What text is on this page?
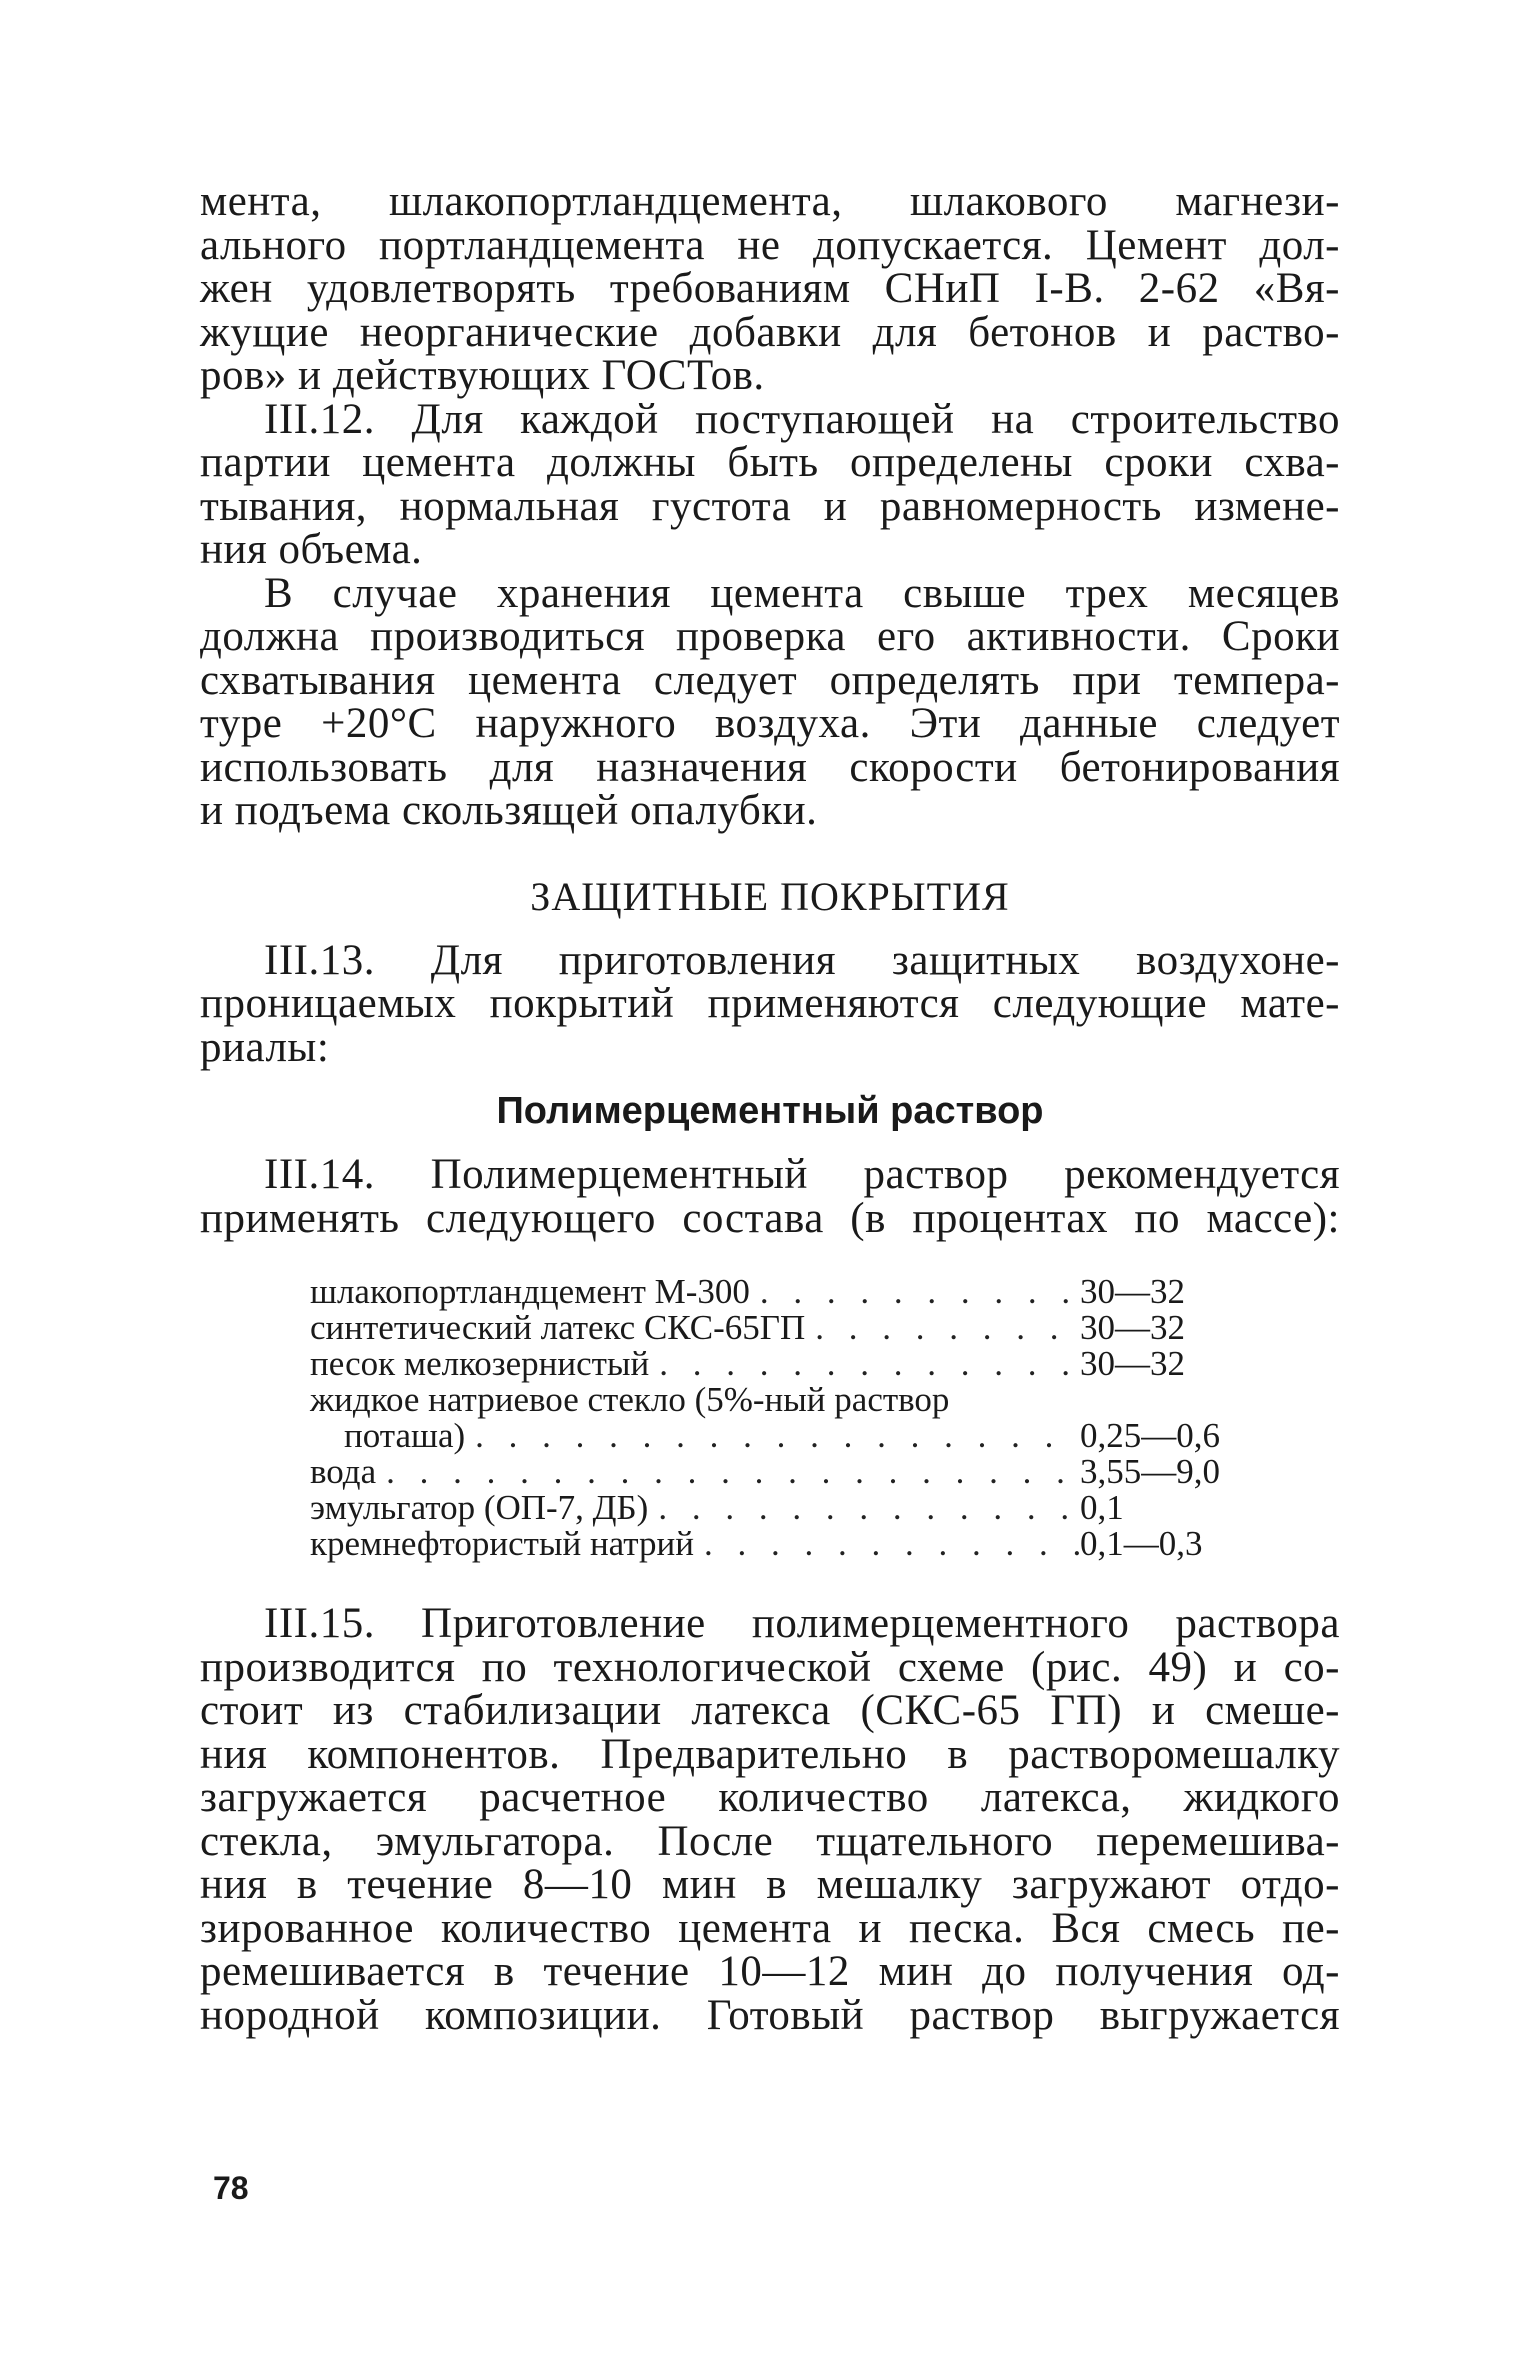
мента, шлакопортландцемента, шлакового магнези-
ального портландцемента не допускается. Цемент дол-
жен удовлетворять требованиям СНиП I-В. 2-62 «Вя-
жущие неорганические добавки для бетонов и раство-
ров» и действующих ГОСТов.
III.12. Для каждой поступающей на строительство
партии цемента должны быть определены сроки схва-
тывания, нормальная густота и равномерность измене-
ния объема.
В случае хранения цемента свыше трех месяцев
должна производиться проверка его активности. Сроки
схватывания цемента следует определять при темпера-
туре +20°С наружного воздуха. Эти данные следует
использовать для назначения скорости бетонирования
и подъема скользящей опалубки.
ЗАЩИТНЫЕ ПОКРЫТИЯ
III.13. Для приготовления защитных воздухоне-
проницаемых покрытий применяются следующие мате-
риалы:
Полимерцементный раствор
III.14. Полимерцементный раствор рекомендуется
применять следующего состава (в процентах по массе):
шлакопортландцемент М-300 . . .	30—32
синтетический латекс СКС-65ГП . . .	30—32
песок мелкозернистый . . .	30—32
жидкое натриевое стекло (5%-ный раствор
поташа) . . .	0,25—0,6
вода . . .	3,55—9,0
эмульгатор (ОП-7, ДБ) . . .	0,1
кремнефтористый натрий . . .	0,1—0,3
III.15. Приготовление полимерцементного раствора
производится по технологической схеме (рис. 49) и со-
стоит из стабилизации латекса (СКС-65 ГП) и смеше-
ния компонентов. Предварительно в растворомешалку
загружается расчетное количество латекса, жидкого
стекла, эмульгатора. После тщательного перемешива-
ния в течение 8—10 мин в мешалку загружают отдо-
зированное количество цемента и песка. Вся смесь пе-
ремешивается в течение 10—12 мин до получения од-
нородной композиции. Готовый раствор выгружается
78
